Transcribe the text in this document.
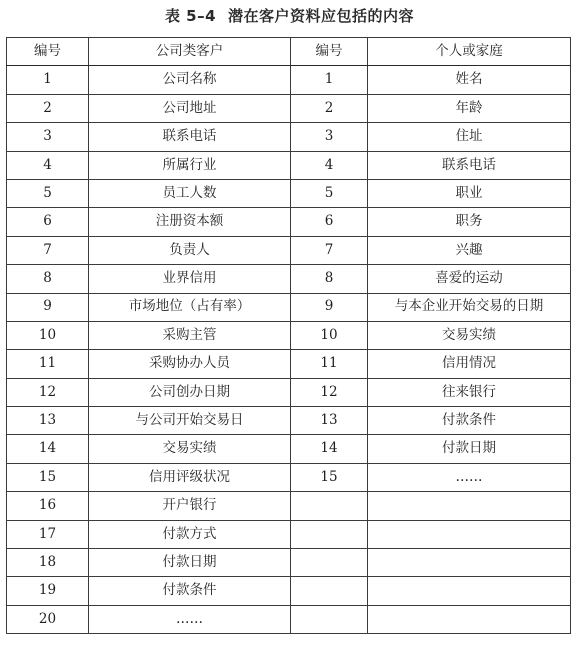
表 5–4 潜在客户资料应包括的内容
编号	公司类客户	编号	个人或家庭
1	公司名称	1	姓名
2	公司地址	2	年龄
3	联系电话	3	住址
4	所属行业	4	联系电话
5	员工人数	5	职业
6	注册资本额	6	职务
7	负责人	7	兴趣
8	业界信用	8	喜爱的运动
9	市场地位（占有率）	9	与本企业开始交易的日期
10	采购主管	10	交易实绩
11	采购协办人员	11	信用情况
12	公司创办日期	12	往来银行
13	与公司开始交易日	13	付款条件
14	交易实绩	14	付款日期
15	信用评级状况	15	……
16	开户银行		
17	付款方式		
18	付款日期		
19	付款条件		
20	……		
